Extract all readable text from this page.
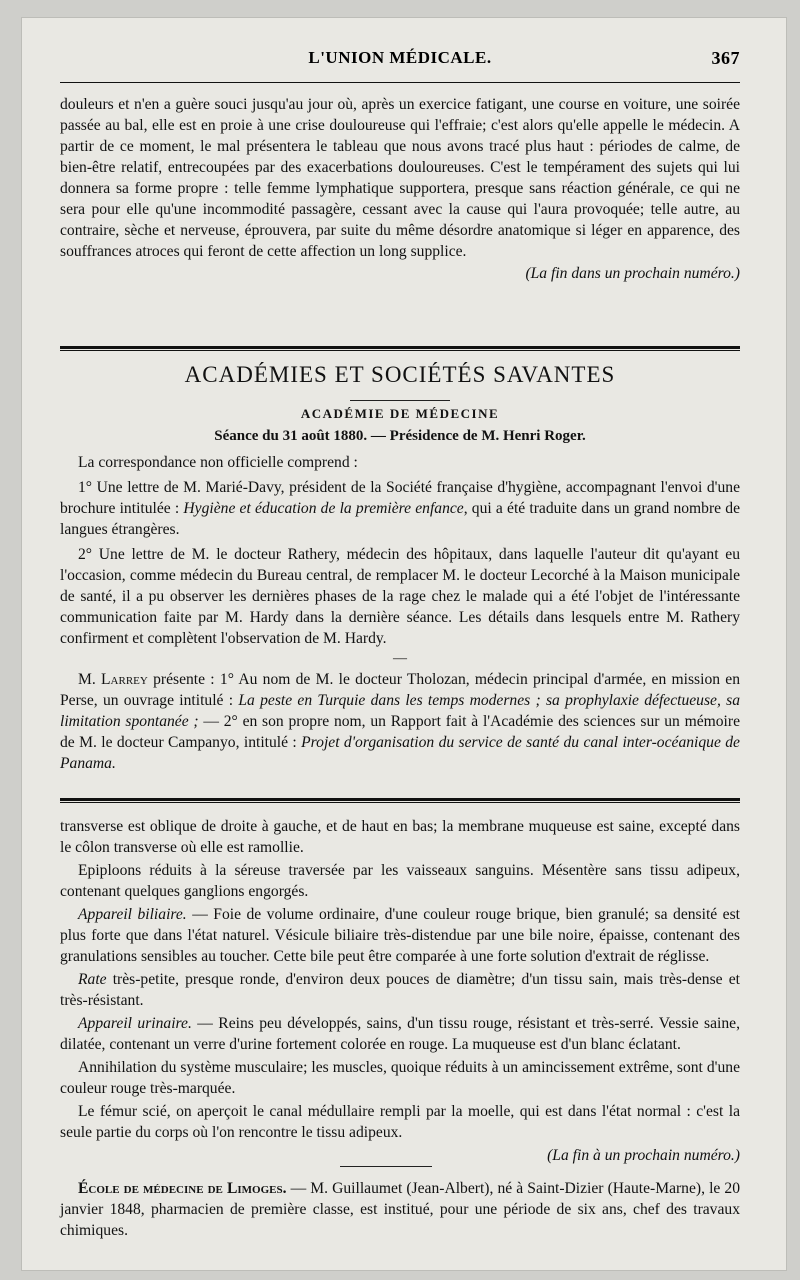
L'UNION MÉDICALE.	367

douleurs et n'en a guère souci jusqu'au jour où, après un exercice fatigant, une course en voiture, une soirée passée au bal, elle est en proie à une crise douloureuse qui l'effraie; c'est alors qu'elle appelle le médecin. A partir de ce moment, le mal présentera le tableau que nous avons tracé plus haut : périodes de calme, de bien-être relatif, entrecoupées par des exacerbations douloureuses. C'est le tempérament des sujets qui lui donnera sa forme propre : telle femme lymphatique supportera, presque sans réaction générale, ce qui ne sera pour elle qu'une incommodité passagère, cessant avec la cause qui l'aura provoquée; telle autre, au contraire, sèche et nerveuse, éprouvera, par suite du même désordre anatomique si léger en apparence, des souffrances atroces qui feront de cette affection un long supplice.

(La fin dans un prochain numéro.)

ACADÉMIES ET SOCIÉTÉS SAVANTES
ACADÉMIE DE MÉDECINE
Séance du 31 août 1880. — Présidence de M. Henri Roger.

La correspondance non officielle comprend :

1° Une lettre de M. Marié-Davy, président de la Société française d'hygiène, accompagnant l'envoi d'une brochure intitulée : Hygiène et éducation de la première enfance, qui a été traduite dans un grand nombre de langues étrangères.

2° Une lettre de M. le docteur Rathery, médecin des hôpitaux, dans laquelle l'auteur dit qu'ayant eu l'occasion, comme médecin du Bureau central, de remplacer M. le docteur Lecorché à la Maison municipale de santé, il a pu observer les dernières phases de la rage chez le malade qui a été l'objet de l'intéressante communication faite par M. Hardy dans la dernière séance. Les détails dans lesquels entre M. Rathery confirment et complètent l'observation de M. Hardy.

—

M. Larrey présente : 1° Au nom de M. le docteur Tholozan, médecin principal d'armée, en mission en Perse, un ouvrage intitulé : La peste en Turquie dans les temps modernes ; sa prophylaxie défectueuse, sa limitation spontanée ; — 2° en son propre nom, un Rapport fait à l'Académie des sciences sur un mémoire de M. le docteur Campanyo, intitulé : Projet d'organisation du service de santé du canal inter-océanique de Panama.

transverse est oblique de droite à gauche, et de haut en bas; la membrane muqueuse est saine, excepté dans le côlon transverse où elle est ramollie.

Epiploons réduits à la séreuse traversée par les vaisseaux sanguins. Mésentère sans tissu adipeux, contenant quelques ganglions engorgés.

Appareil biliaire. — Foie de volume ordinaire, d'une couleur rouge brique, bien granulé; sa densité est plus forte que dans l'état naturel. Vésicule biliaire très-distendue par une bile noire, épaisse, contenant des granulations sensibles au toucher. Cette bile peut être comparée à une forte solution d'extrait de réglisse.

Rate très-petite, presque ronde, d'environ deux pouces de diamètre; d'un tissu sain, mais très-dense et très-résistant.

Appareil urinaire. — Reins peu développés, sains, d'un tissu rouge, résistant et très-serré. Vessie saine, dilatée, contenant un verre d'urine fortement colorée en rouge. La muqueuse est d'un blanc éclatant.

Annihilation du système musculaire; les muscles, quoique réduits à un amincissement extrême, sont d'une couleur rouge très-marquée.

Le fémur scié, on aperçoit le canal médullaire rempli par la moelle, qui est dans l'état normal : c'est la seule partie du corps où l'on rencontre le tissu adipeux.

(La fin à un prochain numéro.)

École de médecine de Limoges. — M. Guillaumet (Jean-Albert), né à Saint-Dizier (Haute-Marne), le 20 janvier 1848, pharmacien de première classe, est institué, pour une période de six ans, chef des travaux chimiques.
